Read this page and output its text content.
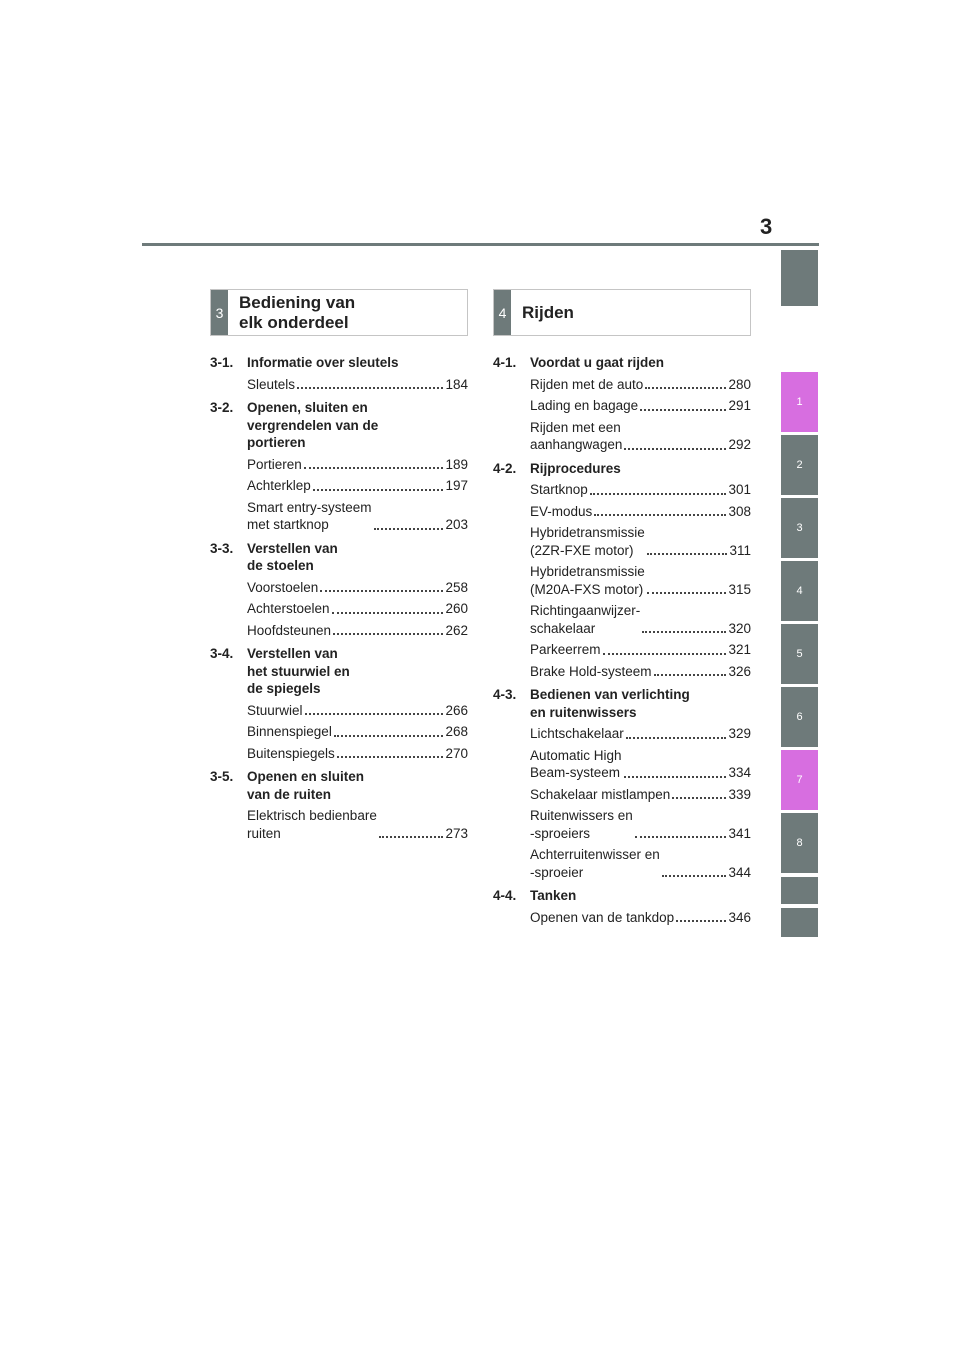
3
1
2
3
4
5
6
7
8
3
Bediening van
elk onderdeel
3-1.	Informatie over sleutels
Sleutels	184
3-2.	Openen, sluiten en
vergrendelen van de
portieren
Portieren	189
Achterklep	197
Smart entry-systeem
met startknop	203
3-3.	Verstellen van
de stoelen
Voorstoelen	258
Achterstoelen	260
Hoofdsteunen	262
3-4.	Verstellen van
het stuurwiel en
de spiegels
Stuurwiel	266
Binnenspiegel	268
Buitenspiegels	270
3-5.	Openen en sluiten
van de ruiten
Elektrisch bedienbare
ruiten	273
4 Rijden
4-1.	Voordat u gaat rijden
Rijden met de auto	280
Lading en bagage	291
Rijden met een
aanhangwagen	292
4-2.	Rijprocedures
Startknop	301
EV-modus	308
Hybridetransmissie
(2ZR-FXE motor)	311
Hybridetransmissie
(M20A-FXS motor)	315
Richtingaanwijzer-
schakelaar	320
Parkeerrem	321
Brake Hold-systeem	326
4-3.	Bedienen van verlichting
en ruitenwissers
Lichtschakelaar	329
Automatic High
Beam-systeem	334
Schakelaar mistlampen	339
Ruitenwissers en
-sproeiers	341
Achterruitenwisser en
-sproeier	344
4-4.	Tanken
Openen van de tankdop	346
